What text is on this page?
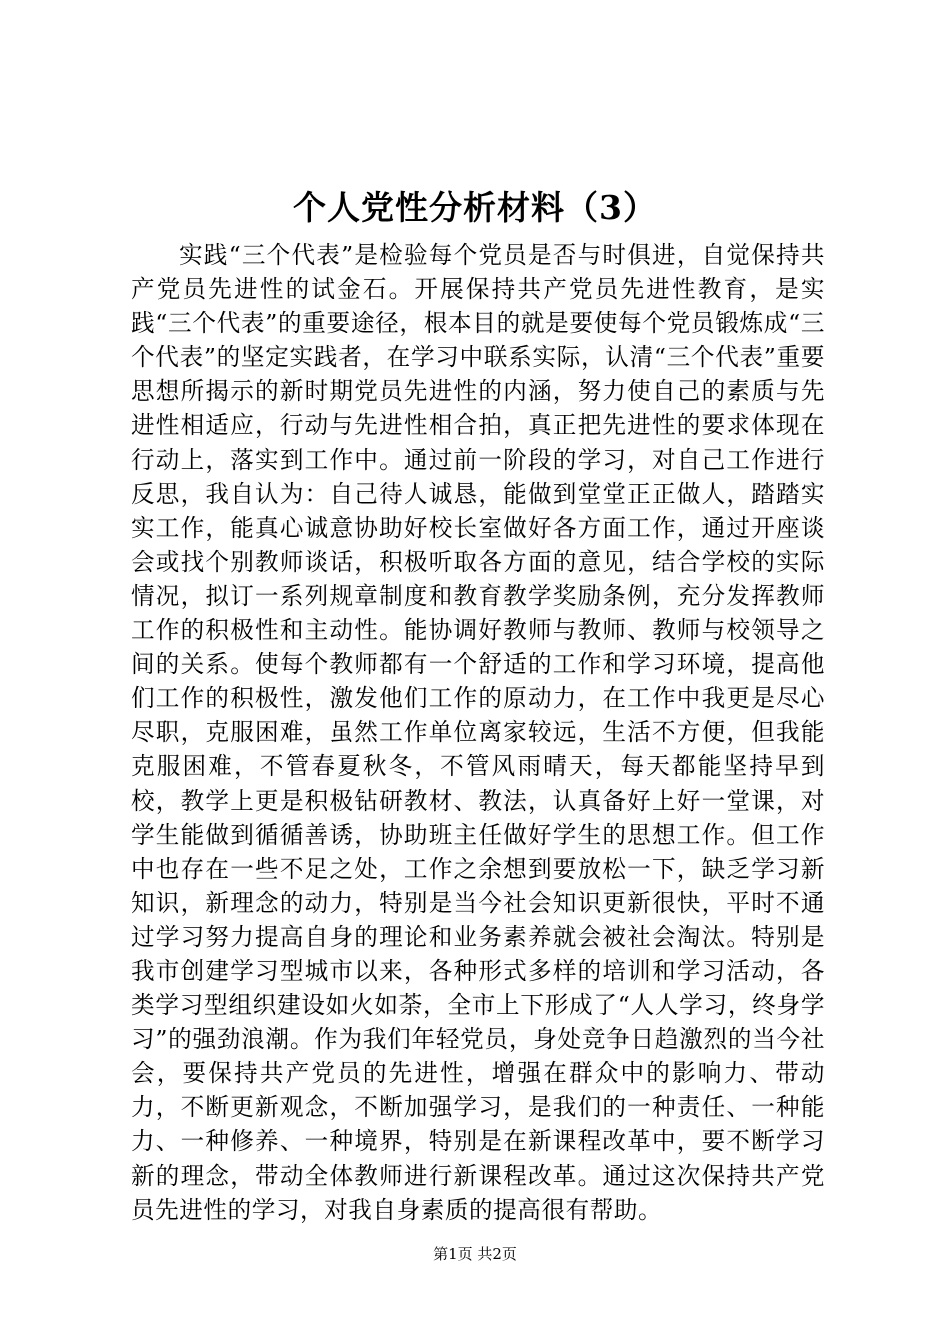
个人党性分析材料（3）

实践“三个代表”是检验每个党员是否与时俱进，自觉保持共产党员先进性的试金石。开展保持共产党员先进性教育，是实践“三个代表”的重要途径，根本目的就是要使每个党员锻炼成“三个代表”的坚定实践者，在学习中联系实际，认清“三个代表”重要思想所揭示的新时期党员先进性的内涵，努力使自己的素质与先进性相适应，行动与先进性相合拍，真正把先进性的要求体现在行动上，落实到工作中。通过前一阶段的学习，对自己工作进行反思，我自认为：自己待人诚恳，能做到堂堂正正做人，踏踏实实工作，能真心诚意协助好校长室做好各方面工作，通过开座谈会或找个别教师谈话，积极听取各方面的意见，结合学校的实际情况，拟订一系列规章制度和教育教学奖励条例，充分发挥教师工作的积极性和主动性。能协调好教师与教师、教师与校领导之间的关系。使每个教师都有一个舒适的工作和学习环境，提高他们工作的积极性，激发他们工作的原动力，在工作中我更是尽心尽职，克服困难，虽然工作单位离家较远，生活不方便，但我能克服困难，不管春夏秋冬，不管风雨晴天，每天都能坚持早到校，教学上更是积极钻研教材、教法，认真备好上好一堂课，对学生能做到循循善诱，协助班主任做好学生的思想工作。但工作中也存在一些不足之处，工作之余想到要放松一下，缺乏学习新知识，新理念的动力，特别是当今社会知识更新很快，平时不通过学习努力提高自身的理论和业务素养就会被社会淘汰。特别是我市创建学习型城市以来，各种形式多样的培训和学习活动，各类学习型组织建设如火如荼，全市上下形成了“人人学习，终身学习”的强劲浪潮。作为我们年轻党员，身处竞争日趋激烈的当今社会，要保持共产党员的先进性，增强在群众中的影响力、带动力，不断更新观念，不断加强学习，是我们的一种责任、一种能力、一种修养、一种境界，特别是在新课程改革中，要不断学习新的理念，带动全体教师进行新课程改革。通过这次保持共产党员先进性的学习，对我自身素质的提高很有帮助。

第1页 共2页
